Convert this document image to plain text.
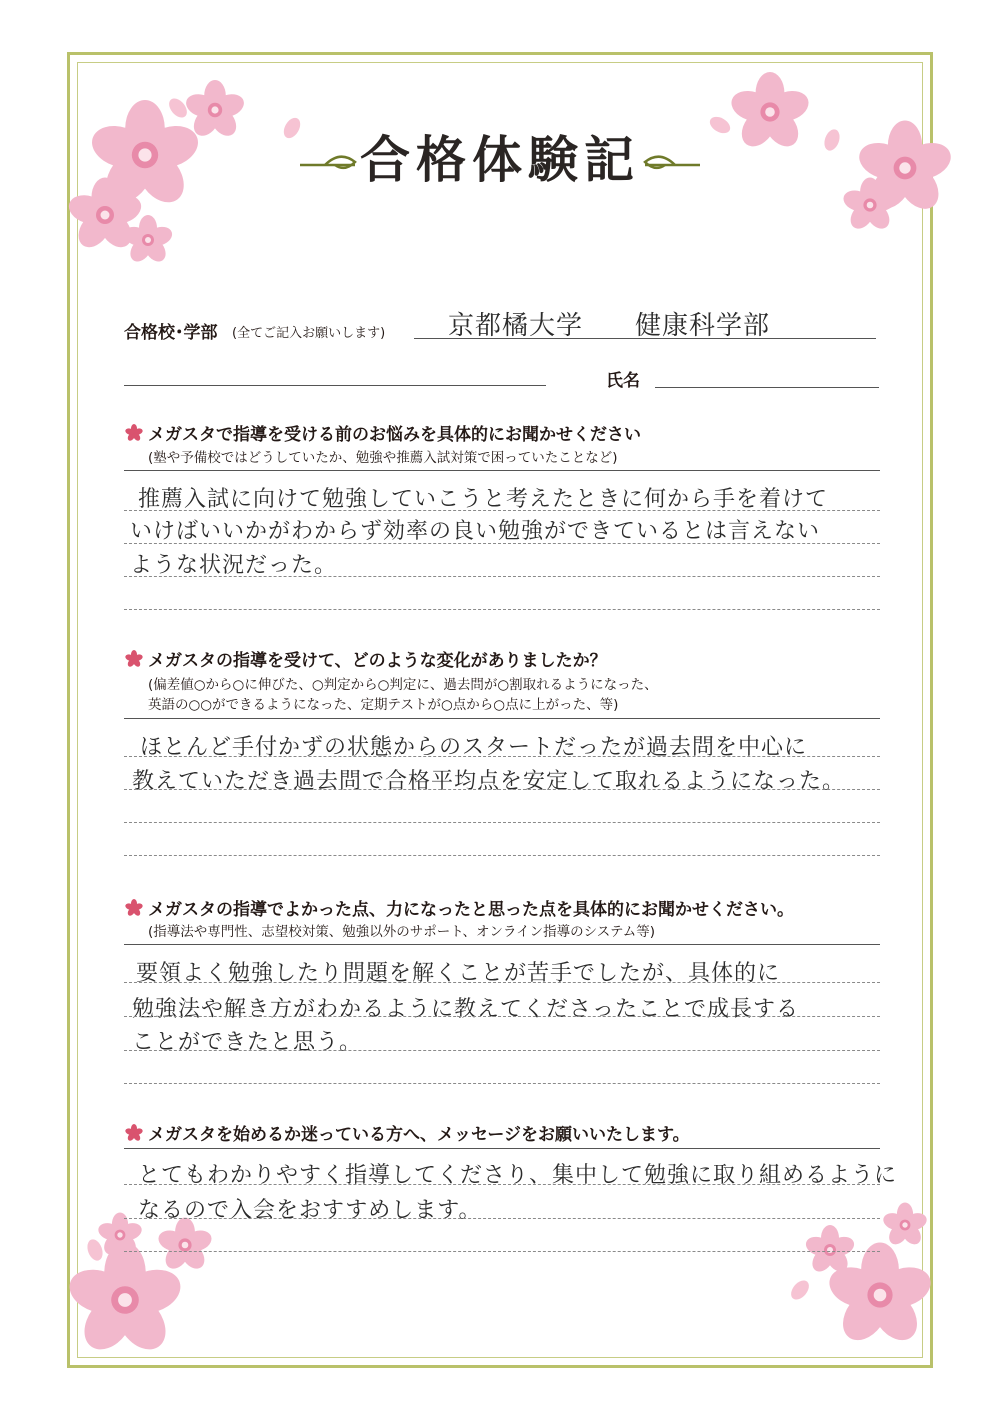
合格体験記
合格校･学部 (全てご記入お願いします) 京都橘大学 健康科学部
氏名
メガスタで指導を受ける前のお悩みを具体的にお聞かせください
(塾や予備校ではどうしていたか、勉強や推薦入試対策で困っていたことなど)
推薦入試に向けて勉強していこうと考えたときに何から手を着けて
いけばいいかがわからず効率の良い勉強ができているとは言えない
ような状況だった。
メガスタの指導を受けて、どのような変化がありましたか？
(偏差値○から○に伸びた、○判定から○判定に、過去問が○割取れるようになった、
英語の○○ができるようになった、定期テストが○点から○点に上がった、等)
ほとんど手付かずの状態からのスタートだったが過去問を中心に
教えていただき過去問で合格平均点を安定して取れるようになった。
メガスタの指導でよかった点、力になったと思った点を具体的にお聞かせください。
(指導法や専門性、志望校対策、勉強以外のサポート、オンライン指導のシステム等)
要領よく勉強したり問題を解くことが苦手でしたが、具体的に
勉強法や解き方がわかるように教えてくださったことで成長する
ことができたと思う。
メガスタを始めるか迷っている方へ、メッセージをお願いいたします。
とてもわかりやすく指導してくださり、集中して勉強に取り組めるように
なるので入会をおすすめします。
